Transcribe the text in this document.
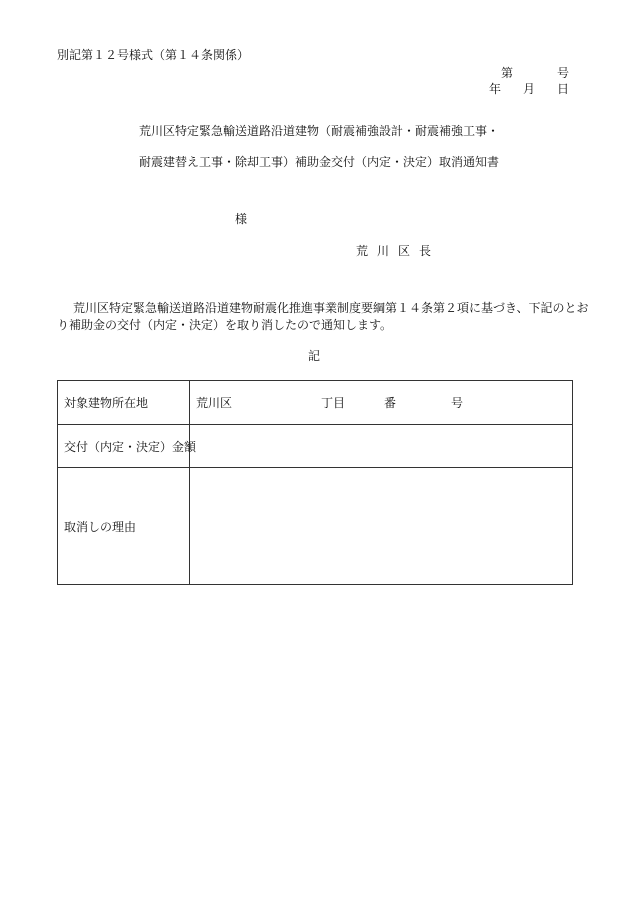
別記第１２号様式（第１４条関係）
第	号
年 月 日
荒川区特定緊急輸送道路沿道建物（耐震補強設計・耐震補強工事・
耐震建替え工事・除却工事）補助金交付（内定・決定）取消通知書
様
荒川区長
荒川区特定緊急輸送道路沿道建物耐震化推進事業制度要綱第１４条第２項に基づき、下記のとお
り補助金の交付（内定・決定）を取り消したので通知します。
記
対象建物所在地	荒川区 丁目 番 号
交付（内定・決定）金額	
取消しの理由	
